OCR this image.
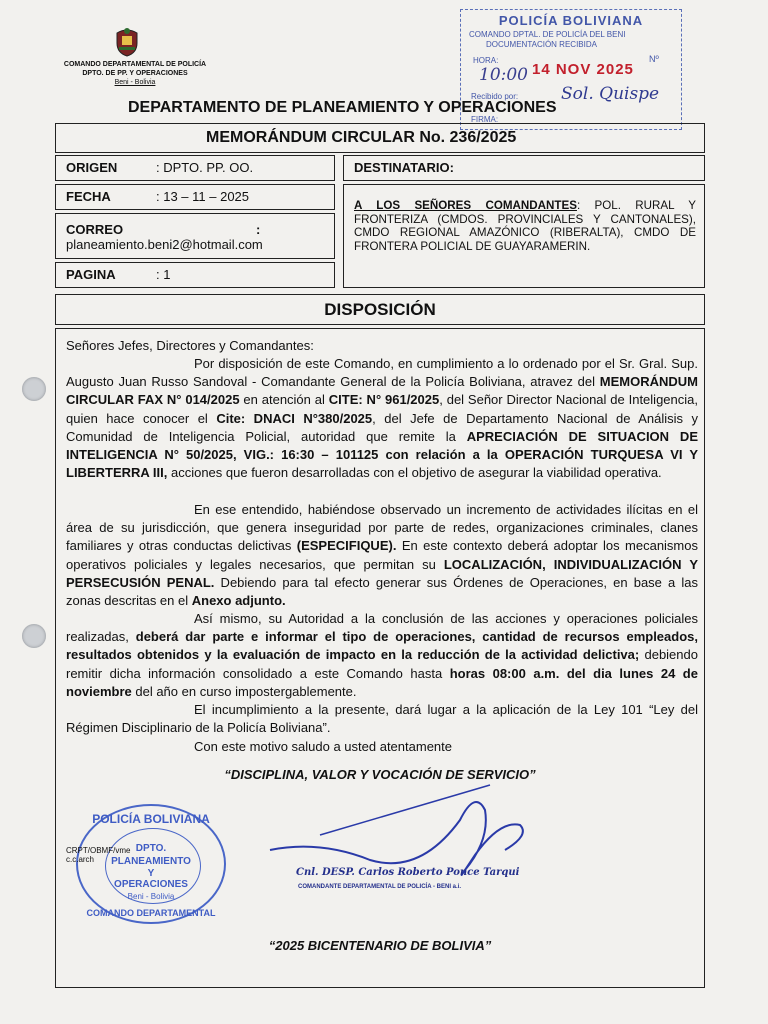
COMANDO DEPARTAMENTAL DE POLICÍA
DPTO. DE PP. Y OPERACIONES
Beni - Bolivia
POLICÍA BOLIVIANA
COMANDO DPTAL. DE POLICÍA DEL BENI
DOCUMENTACIÓN RECIBIDA
HORA:
10:00 14 NOV 2025
Nº
Recibido por:	Sol. Quispe
FIRMA:
DEPARTAMENTO DE PLANEAMIENTO Y OPERACIONES
MEMORÁNDUM CIRCULAR No. 236/2025
ORIGEN	: DPTO. PP. OO.
FECHA	: 13 – 11 – 2025
CORREO	:
planeamiento.beni2@hotmail.com
PAGINA	: 1
DESTINATARIO:
A LOS SEÑORES COMANDANTES: POL. RURAL Y FRONTERIZA (CMDOS. PROVINCIALES Y CANTONALES), CMDO REGIONAL AMAZÓNICO (RIBERALTA), CMDO DE FRONTERA POLICIAL DE GUAYARAMERIN.
DISPOSICIÓN
Señores Jefes, Directores y Comandantes:
Por disposición de este Comando, en cumplimiento a lo ordenado por el Sr. Gral. Sup. Augusto Juan Russo Sandoval - Comandante General de la Policía Boliviana, atravez del MEMORÁNDUM CIRCULAR FAX N° 014/2025 en atención al CITE: N° 961/2025, del Señor Director Nacional de Inteligencia, quien hace conocer el Cite: DNACI N°380/2025, del Jefe de Departamento Nacional de Análisis y Comunidad de Inteligencia Policial, autoridad que remite la APRECIACIÓN DE SITUACION DE INTELIGENCIA N° 50/2025, VIG.: 16:30 – 101125 con relación a la OPERACIÓN TURQUESA VI Y LIBERTERRA III, acciones que fueron desarrolladas con el objetivo de asegurar la viabilidad operativa.
En ese entendido, habiéndose observado un incremento de actividades ilícitas en el área de su jurisdicción, que genera inseguridad por parte de redes, organizaciones criminales, clanes familiares y otras conductas delictivas (ESPECIFIQUE). En este contexto deberá adoptar los mecanismos operativos policiales y legales necesarios, que permitan su LOCALIZACIÓN, INDIVIDUALIZACIÓN Y PERSECUSIÓN PENAL. Debiendo para tal efecto generar sus Órdenes de Operaciones, en base a las zonas descritas en el Anexo adjunto.
Así mismo, su Autoridad a la conclusión de las acciones y operaciones policiales realizadas, deberá dar parte e informar el tipo de operaciones, cantidad de recursos empleados, resultados obtenidos y la evaluación de impacto en la reducción de la actividad delictiva; debiendo remitir dicha información consolidado a este Comando hasta horas 08:00 a.m. del dia lunes 24 de noviembre del año en curso impostergablemente.
El incumplimiento a la presente, dará lugar a la aplicación de la Ley 101 “Ley del Régimen Disciplinario de la Policía Boliviana”.
Con este motivo saludo a usted atentamente
“DISCIPLINA, VALOR Y VOCACIÓN DE SERVICIO”
“2025 BICENTENARIO DE BOLIVIA”
POLICÍA BOLIVIANA
DPTO.
PLANEAMIENTO
Y
OPERACIONES
Beni - Bolivia
COMANDO DEPARTAMENTAL
Cnl. DESP. Carlos Roberto Ponce Tarqui
COMANDANTE DEPARTAMENTAL DE POLICÍA - BENI a.i.
CRPT/OBMF/vme
c.c.arch
